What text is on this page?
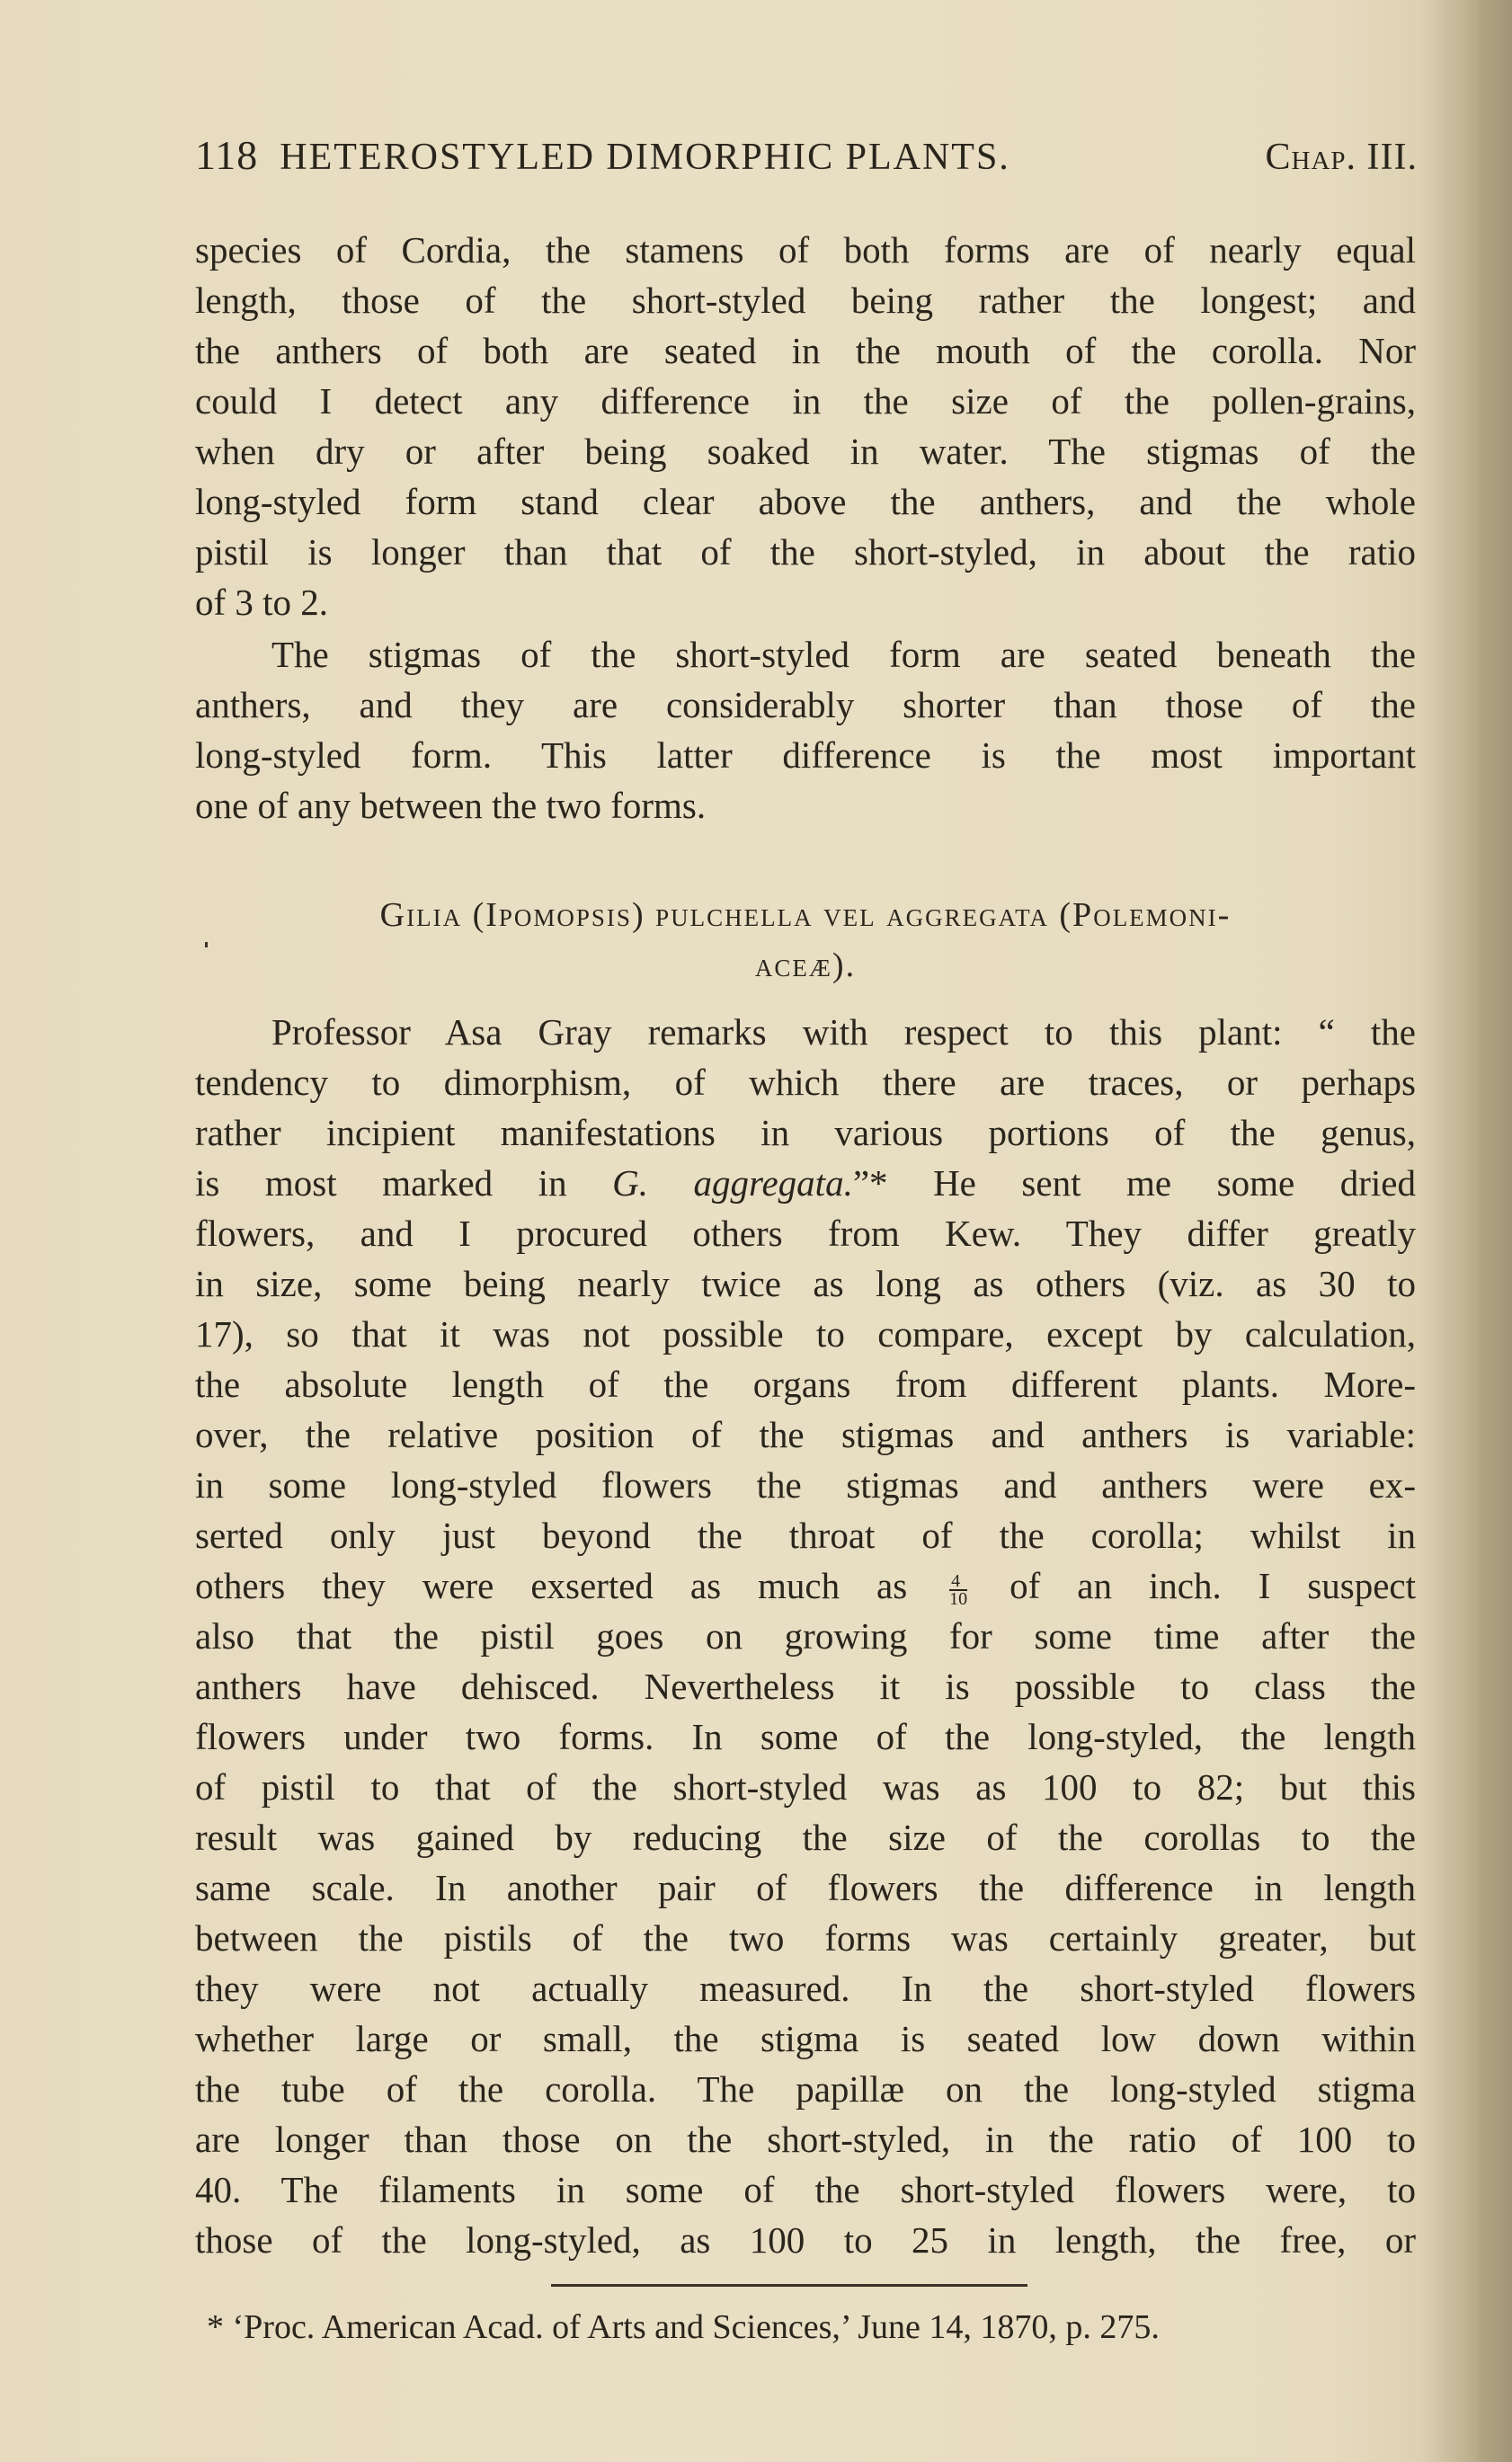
118 HETEROSTYLED DIMORPHIC PLANTS.	Chap. III.
species of Cordia, the stamens of both forms are of nearly equal
length, those of the short-styled being rather the longest; and
the anthers of both are seated in the mouth of the corolla. Nor
could I detect any difference in the size of the pollen-grains,
when dry or after being soaked in water. The stigmas of the
long-styled form stand clear above the anthers, and the whole
pistil is longer than that of the short-styled, in about the ratio
of 3 to 2.
The stigmas of the short-styled form are seated beneath the
anthers, and they are considerably shorter than those of the
long-styled form. This latter difference is the most important
one of any between the two forms.
Gilia (Ipomopsis) pulchella vel aggregata (Polemoni-
aceæ).
Professor Asa Gray remarks with respect to this plant: “ the
tendency to dimorphism, of which there are traces, or perhaps
rather incipient manifestations in various portions of the genus,
is most marked in G. aggregata.”* He sent me some dried
flowers, and I procured others from Kew. They differ greatly
in size, some being nearly twice as long as others (viz. as 30 to
17), so that it was not possible to compare, except by calculation,
the absolute length of the organs from different plants. More-
over, the relative position of the stigmas and anthers is variable:
in some long-styled flowers the stigmas and anthers were ex-
serted only just beyond the throat of the corolla; whilst in
others they were exserted as much as $\frac{4}{10}$ of an inch. I suspect
also that the pistil goes on growing for some time after the
anthers have dehisced. Nevertheless it is possible to class the
flowers under two forms. In some of the long-styled, the length
of pistil to that of the short-styled was as 100 to 82; but this
result was gained by reducing the size of the corollas to the
same scale. In another pair of flowers the difference in length
between the pistils of the two forms was certainly greater, but
they were not actually measured. In the short-styled flowers
whether large or small, the stigma is seated low down within
the tube of the corolla. The papillæ on the long-styled stigma
are longer than those on the short-styled, in the ratio of 100 to
40. The filaments in some of the short-styled flowers were, to
those of the long-styled, as 100 to 25 in length, the free, or
* ‘Proc. American Acad. of Arts and Sciences,’ June 14, 1870, p. 275.
